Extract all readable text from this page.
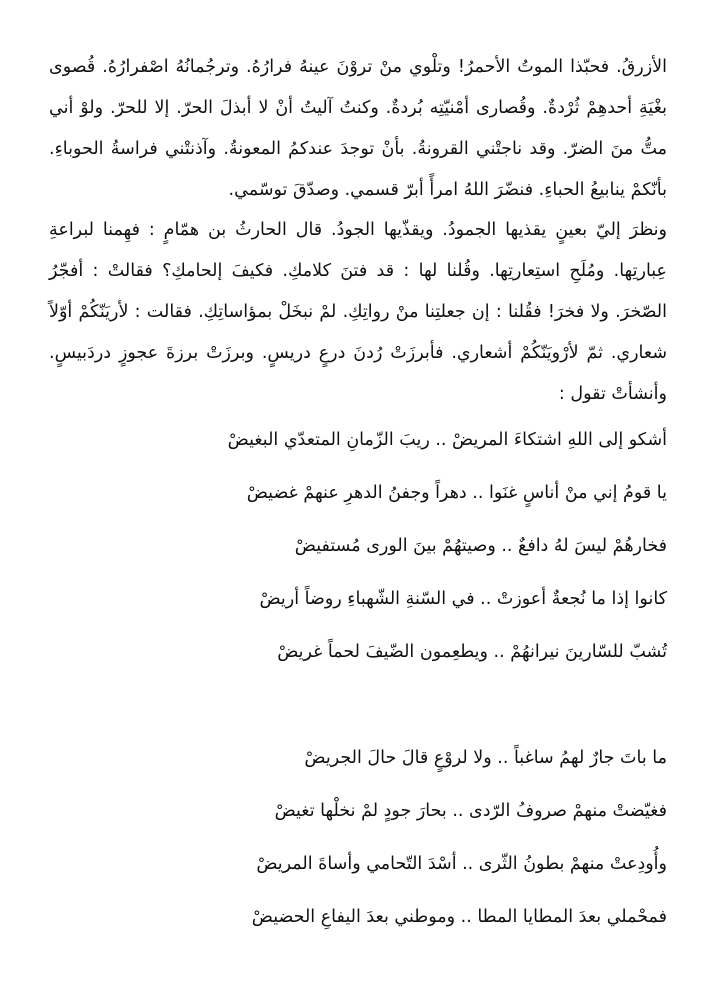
الأزرقُ. فحبّذا الموتُ الأحمرُ! وتلْوي منْ تروْنَ عينهُ فرارُهُ. وترجُمانُهُ اصْفرارُهُ. قُصوى بغْيَةِ أحدهِمْ ثُرْدةٌ. وقُصارى أمْنيّتِه بُردةٌ. وكنتُ آليتُ أنْ لا أبذلَ الحرّ. إلا للحرّ. ولوْ أني متُّ منَ الضرّ. وقد ناجتْني القرونةُ. بأنْ توجدَ عندكمُ المعونةُ. وآذنتْني فراسةُ الحوباءِ. بأنّكمْ ينابيعُ الحباءِ. فنضّرَ اللهُ امرأً أبرّ قسمي. وصدّقَ توسّمي.

ونظرَ إليّ بعينٍ يقذيها الجمودُ. ويقذّيها الجودُ. قال الحارثُ بن همّامٍ : فهِمنا لبراعةِ عِبارتِها. ومُلَحِ استِعارتِها. وقُلنا لها : قد فتنَ كلامكِ. فكيفَ إلحامكِ؟ فقالتْ : أفجّرُ الصّخرَ. ولا فخرَ! فقُلنا : إن جعلتِنا منْ رواتِكِ. لمْ نبخَلْ بمؤاساتِكِ. فقالت : لأريَنّكُمْ أوّلاً شعاري. ثمّ لأرْويَنّكُمْ أشعاري. فأبرزَتْ رُدنَ درعٍ دريسٍ. وبرزَتْ برزةَ عجوزٍ دردَبيسٍ. وأنشأتْ تقول :

أشكو إلى اللهِ اشتكاءَ المريضْ .. ريبَ الزّمانِ المتعدّي البغيضْ

يا قومُ إني منْ أناسٍ غنَوا .. دهراً وجفنُ الدهرِ عنهمْ غضيضْ

فخارهُمْ ليسَ لهُ دافعٌ .. وصيتهُمْ بينَ الورى مُستفيضْ

كانوا إذا ما نُجعةٌ أعوزتْ .. في السّنةِ الشّهباءِ روضاً أريضْ

تُشبّ للسّارينَ نيرانهُمْ .. ويطعِمون الضّيفَ لحماً غريضْ

ما باتَ جارٌ لهمُ ساغباً .. ولا لروْعٍ قالَ حالَ الجريضْ

فغيّضتْ منهمْ صروفُ الرّدى .. بحارَ جودٍ لمْ نخلْها تغيضْ

وأُودِعتْ منهمْ بطونُ الثّرى .. أسْدَ التّحامي وأساةَ المريضْ

فمحْملي بعدَ المطايا المطا .. وموطني بعدَ اليفاعِ الحضيضْ
